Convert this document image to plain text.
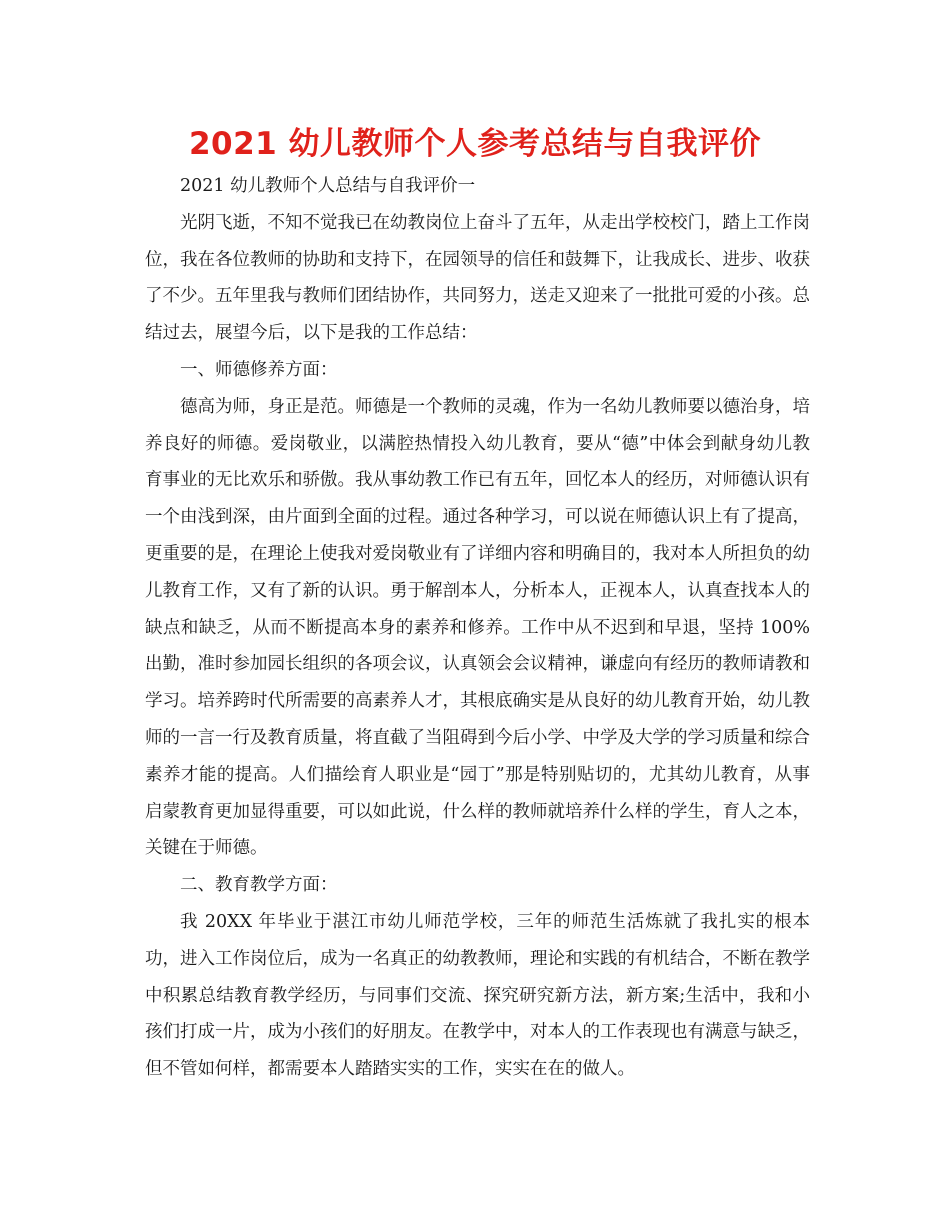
2021 幼儿教师个人参考总结与自我评价

2021 幼儿教师个人总结与自我评价一

光阴飞逝，不知不觉我已在幼教岗位上奋斗了五年，从走出学校校门，踏上工作岗位，我在各位教师的协助和支持下，在园领导的信任和鼓舞下，让我成长、进步、收获了不少。五年里我与教师们团结协作，共同努力，送走又迎来了一批批可爱的小孩。总结过去，展望今后，以下是我的工作总结：

一、师德修养方面：

德高为师，身正是范。师德是一个教师的灵魂，作为一名幼儿教师要以德治身，培养良好的师德。爱岗敬业，以满腔热情投入幼儿教育，要从“德”中体会到献身幼儿教育事业的无比欢乐和骄傲。我从事幼教工作已有五年，回忆本人的经历，对师德认识有一个由浅到深，由片面到全面的过程。通过各种学习，可以说在师德认识上有了提高，更重要的是，在理论上使我对爱岗敬业有了详细内容和明确目的，我对本人所担负的幼儿教育工作，又有了新的认识。勇于解剖本人，分析本人，正视本人，认真查找本人的缺点和缺乏，从而不断提高本身的素养和修养。工作中从不迟到和早退，坚持 100%出勤，准时参加园长组织的各项会议，认真领会会议精神，谦虚向有经历的教师请教和学习。培养跨时代所需要的高素养人才，其根底确实是从良好的幼儿教育开始，幼儿教师的一言一行及教育质量，将直截了当阻碍到今后小学、中学及大学的学习质量和综合素养才能的提高。人们描绘育人职业是“园丁”那是特别贴切的，尤其幼儿教育，从事启蒙教育更加显得重要，可以如此说，什么样的教师就培养什么样的学生，育人之本，关键在于师德。

二、教育教学方面：

我 20XX 年毕业于湛江市幼儿师范学校，三年的师范生活炼就了我扎实的根本功，进入工作岗位后，成为一名真正的幼教教师，理论和实践的有机结合，不断在教学中积累总结教育教学经历，与同事们交流、探究研究新方法，新方案;生活中，我和小孩们打成一片，成为小孩们的好朋友。在教学中，对本人的工作表现也有满意与缺乏，但不管如何样，都需要本人踏踏实实的工作，实实在在的做人。
